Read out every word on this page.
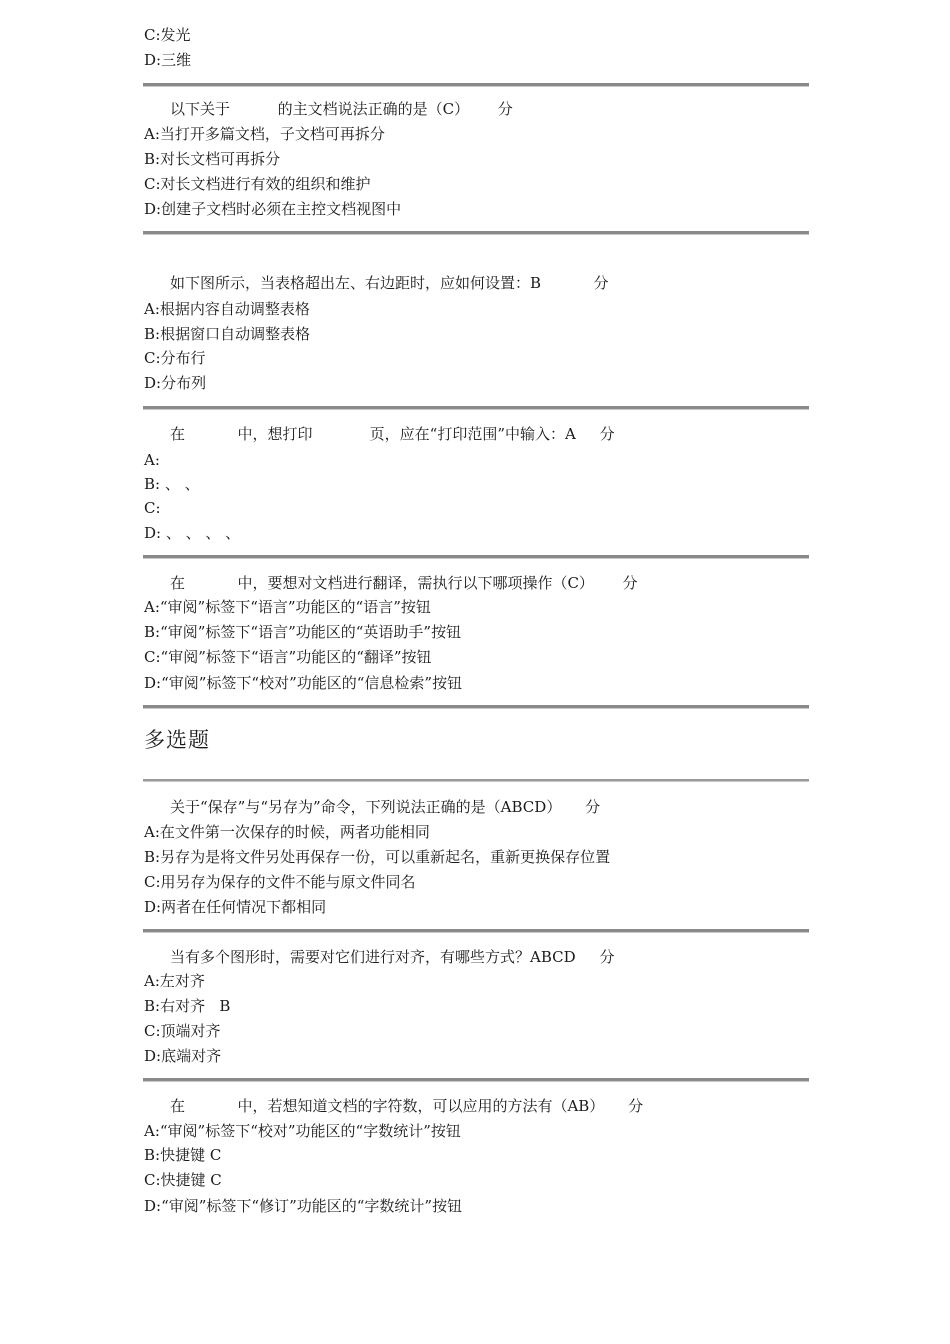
C:发光
D:三维
以下关于          的主文档说法正确的是（C）      分
A:当打开多篇文档，子文档可再拆分
B:对长文档可再拆分
C:对长文档进行有效的组织和维护
D:创建子文档时必须在主控文档视图中
如下图所示，当表格超出左、右边距时，应如何设置：B           分
A:根据内容自动调整表格
B:根据窗口自动调整表格
C:分布行
D:分布列
在           中，想打印            页，应在“打印范围”中输入：A     分
A:
B: 、 、
C:
D: 、 、 、 、
在           中，要想对文档进行翻译，需执行以下哪项操作（C）      分
A:“审阅”标签下“语言”功能区的“语言”按钮
B:“审阅”标签下“语言”功能区的“英语助手”按钮
C:“审阅”标签下“语言”功能区的“翻译”按钮
D:“审阅”标签下“校对”功能区的“信息检索”按钮
多选题
关于“保存”与“另存为”命令，下列说法正确的是（ABCD）     分
A:在文件第一次保存的时候，两者功能相同
B:另存为是将文件另处再保存一份，可以重新起名，重新更换保存位置
C:用另存为保存的文件不能与原文件同名
D:两者在任何情况下都相同
当有多个图形时，需要对它们进行对齐，有哪些方式？ABCD     分
A:左对齐
B:右对齐   B
C:顶端对齐
D:底端对齐
在           中，若想知道文档的字符数，可以应用的方法有（AB）     分
A:“审阅”标签下“校对”功能区的“字数统计”按钮
B:快捷键 C
C:快捷键 C
D:“审阅”标签下“修订”功能区的“字数统计”按钮
